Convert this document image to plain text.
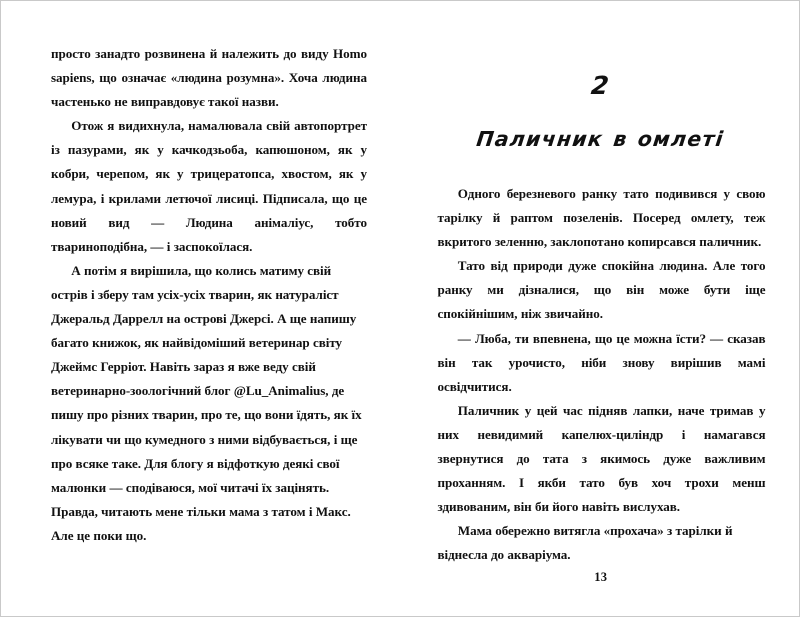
просто занадто розвинена й належить до виду Homo sapiens, що означає «людина розумна». Хоча людина частенько не виправдовує такої назви.

Отож я видихнула, намалювала свій автопортрет із пазурами, як у качкодзьоба, капюшоном, як у кобри, черепом, як у трицератопса, хвостом, як у лемура, і крилами летючої лисиці. Підписала, що це новий вид — Людина анімаліус, тобто твариноподібна, — і заспокоїлася.

А потім я вирішила, що колись матиму свій острів і зберу там усіх-усіх тварин, як натураліст Джеральд Даррелл на острові Джерсі. А ще напишу багато книжок, як найвідоміший ветеринар світу Джеймс Герріот. Навіть зараз я вже веду свій ветеринарно-зоологічний блог @Lu_Animalius, де пишу про різних тварин, про те, що вони їдять, як їх лікувати чи що кумедного з ними відбувається, і ще про всяке таке. Для блогу я відфоткую деякі свої малюнки — сподіваюся, мої читачі їх зацінять. Правда, читають мене тільки мама з татом і Макс. Але це поки що.

2
Паличник в омлеті

Одного березневого ранку тато подивився у свою тарілку й раптом позеленів. Посеред омлету, теж вкритого зеленню, заклопотано копирсався паличник.

Тато від природи дуже спокійна людина. Але того ранку ми дізналися, що він може бути іще спокійнішим, ніж звичайно.

— Люба, ти впевнена, що це можна їсти? — сказав він так урочисто, ніби знову вирішив мамі освідчитися.

Паличник у цей час підняв лапки, наче тримав у них невидимий капелюх-циліндр і намагався звернутися до тата з якимось дуже важливим проханням. І якби тато був хоч трохи менш здивованим, він би його навіть вислухав.

Мама обережно витягла «прохача» з тарілки й віднесла до акваріума.

13
